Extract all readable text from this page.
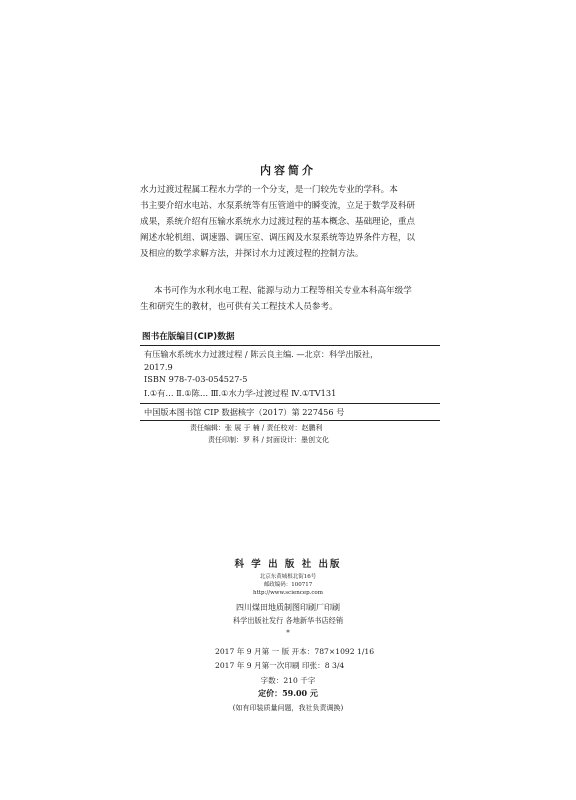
内容简介
水力过渡过程属工程水力学的一个分支，是一门较先专业的学科。本
书主要介绍水电站、水泵系统等有压管道中的瞬变流，立足于数学及科研
成果，系统介绍有压输水系统水力过渡过程的基本概念、基础理论，重点
阐述水轮机组、调速器、调压室、调压阀及水泵系统等边界条件方程，以
及相应的数学求解方法，并探讨水力过渡过程的控制方法。
本书可作为水利水电工程、能源与动力工程等相关专业本科高年级学
生和研究生的教材，也可供有关工程技术人员参考。
图书在版编目(CIP)数据
有压输水系统水力过渡过程 / 陈云良主编. —北京：科学出版社，
2017.9
ISBN 978-7-03-054527-5
Ⅰ.①有… Ⅱ.①陈… Ⅲ.①水力学-过渡过程 Ⅳ.①TV131
中国版本图书馆 CIP 数据核字（2017）第 227456 号
责任编辑：张 展 于 楠 / 责任校对：赵鹏利
责任印制：罗 科 / 封面设计：墨创文化
科 学 出 版 社 出版
北京东黄城根北街16号
邮政编码：100717
http://www.sciencep.com
四川煤田地质制图印刷厂印刷
科学出版社发行 各地新华书店经销
*
2017 年 9 月第 一 版 开本：787×1092 1/16
2017 年 9 月第一次印刷 印张：8 3/4
字数：210 千字
定价：59.00 元
(如有印装质量问题，我社负责调换)
